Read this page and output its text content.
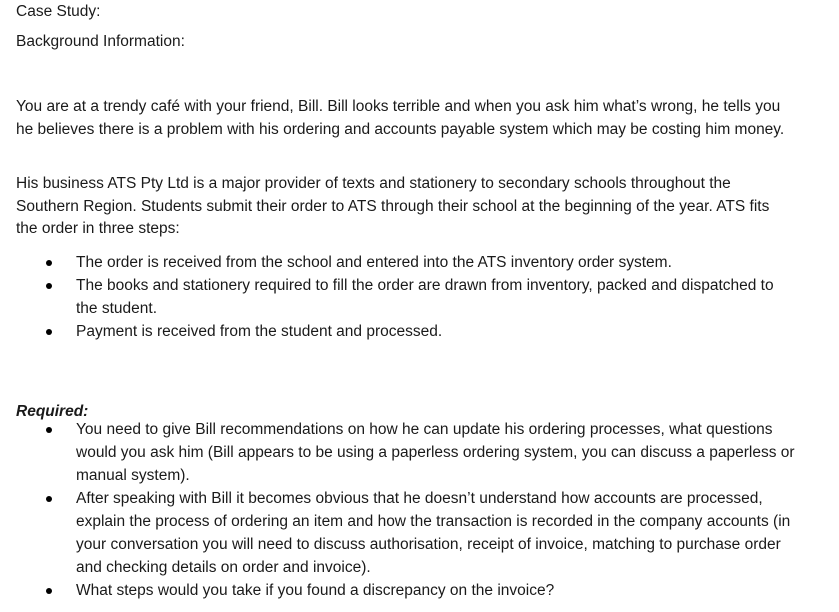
Case Study:

Background Information:

You are at a trendy café with your friend, Bill. Bill looks terrible and when you ask him what’s wrong, he tells you he believes there is a problem with his ordering and accounts payable system which may be costing him money.

His business ATS Pty Ltd is a major provider of texts and stationery to secondary schools throughout the Southern Region. Students submit their order to ATS through their school at the beginning of the year. ATS fits the order in three steps:

The order is received from the school and entered into the ATS inventory order system.
The books and stationery required to fill the order are drawn from inventory, packed and dispatched to the student.
Payment is received from the student and processed.

Required:

You need to give Bill recommendations on how he can update his ordering processes, what questions would you ask him (Bill appears to be using a paperless ordering system, you can discuss a paperless or manual system).
After speaking with Bill it becomes obvious that he doesn’t understand how accounts are processed, explain the process of ordering an item and how the transaction is recorded in the company accounts (in your conversation you will need to discuss authorisation, receipt of invoice, matching to purchase order and checking details on order and invoice).
What steps would you take if you found a discrepancy on the invoice?
